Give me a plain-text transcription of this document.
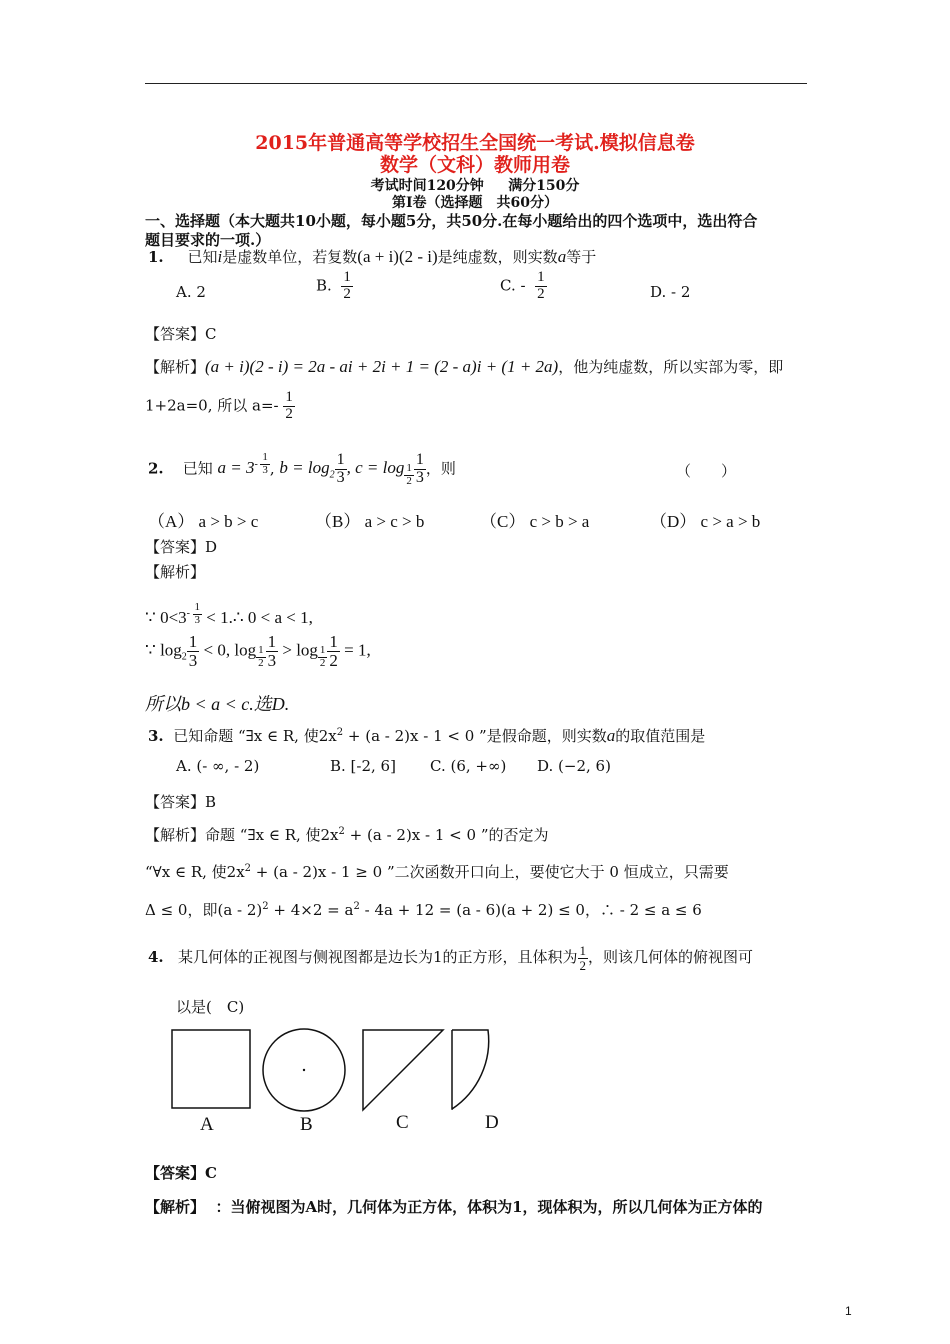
2015年普通高等学校招生全国统一考试.模拟信息卷
数学（文科）教师用卷
考试时间120分钟 满分150分
第I卷（选择题　共60分）
一、选择题（本大题共10小题，每小题5分，共50分.在每小题给出的四个选项中，选出符合
题目要求的一项.）
1. 已知i是虚数单位，若复数(a + i)(2 - i)是纯虚数，则实数a等于
A. 2	B. $\frac{1}{2}$	C. - $\frac{1}{2}$	D. - 2
【答案】C
【解析】(a + i)(2 - i) = 2a - ai + 2i + 1 = (2 - a)i + (1 + 2a)，他为纯虚数，所以实部为零，即
1+2a=0, 所以 $a=- \frac{1}{2}$
2. 已知 $a = 3^{- \frac{1}{3}}$ , $b = \log_2 \frac{1}{3}$ , $c = \log _{\frac{1}{2}} \frac{1}{3}$ ，则	（　　）
（A） a > b > c	（B） a > c > b	（C） c > b > a	（D） c > a > b
【答案】D
【解析】
∵ $0<3^{- \frac{1}{3}}$ < 1.∴ 0 < a < 1,
∵ $\log_2 \frac{1}{3} < 0$, $\log _{\frac{1}{2}} \frac{1}{3} > \log _{\frac{1}{2}} \frac{1}{2} = 1$,
所以b < a < c.选D.
3. 已知命题 “∃x ∈ R, 使$2x^2 + (a - 2)x - 1 < 0$ ”是假命题，则实数a的取值范围是
A. (- ∞, - 2)	B. [-2, 6] C. (6, +∞) D. (−2, 6)
【答案】B
【解析】命题 “∃x ∈ R, 使$2x^2 + (a - 2)x - 1 < 0$ ”的否定为
“∀x ∈ R, 使$2x^2 + (a - 2)x - 1 \ge 0$ ”二次函数开口向上，要使它大于 0 恒成立，只需要
Δ ≤ 0，即$(a - 2)^2 + 4\times 2 = a^2 - 4a + 12 = (a - 6)(a + 2) \le 0$，∴ - 2 ≤ a ≤ 6
4. 某几何体的正视图与侧视图都是边长为1的正方形，且体积为 $\frac{1}{2}$ ，则该几何体的俯视图可
以是(　C)
A	B	C	D
【答案】C
【解析】 ：当俯视图为A时，几何体为正方体，体积为1，现体积为，所以几何体为正方体的
1
